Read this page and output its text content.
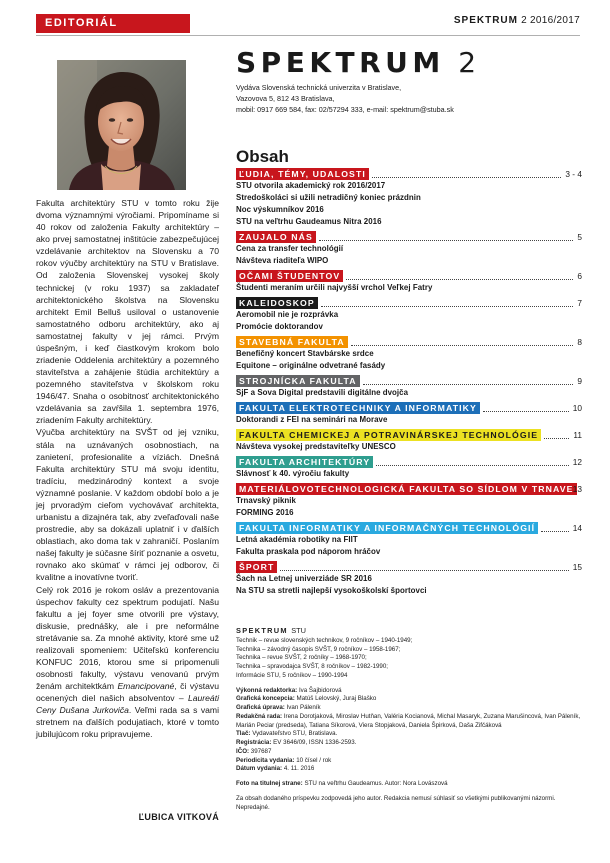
EDITORIÁL	SPEKTRUM 2 2016/2017

Fakulta architektúry STU v tomto roku žije dvoma významnými výročiami. Pripomíname si 40 rokov od založenia Fakulty architektúry – ako prvej samostatnej inštitúcie zabezpečujúcej vzdelávanie architektov na Slovensku a 70 rokov výučby architektúry na STU v Bratislave. Od založenia Slovenskej vysokej školy technickej (v roku 1937) sa zakladateľ architektonického školstva na Slovensku architekt Emil Belluš usiloval o ustanovenie samostatného odboru architektúry, ako aj samostatnej fakulty v jej rámci. Prvým úspešným, i keď čiastkovým krokom bolo zriadenie Oddelenia architektúry a pozemného staviteľstva a zahájenie štúdia architektúry a pozemného staviteľstva v školskom roku 1946/47. Snaha o osobitnosť architektonického vzdelávania sa zavŕšila 1. septembra 1976, zriadením Fakulty architektúry.

Výučba architektúry na SVŠT od jej vzniku, stála na uznávaných osobnostiach, na zanietení, profesionalite a víziách. Dnešná Fakulta architektúry STU má svoju identitu, tradíciu, medzinárodný kontext a svoje významné poslanie. V každom období bolo a je jej prvoradým cieľom vychovávať architekta, urbanistu a dizajnéra tak, aby zveľaďovali naše prostredie, aby sa dokázali uplatniť i v ďalších oblastiach, ako doma tak v zahraničí. Poslaním našej fakulty je súčasne šíriť poznanie a osvetu, rovnako ako skúmať v rámci jej odborov, či kvalitne a inovatívne tvoriť.

Celý rok 2016 je rokom osláv a prezentovania úspechov fakulty cez spektrum podujatí. Našu fakultu a jej foyer sme otvorili pre výstavy, diskusie, prednášky, ale i pre neformálne stretávanie sa. Za mnohé aktivity, ktoré sme už realizovali spomeniem: Učiteľskú konferenciu KONFUC 2016, ktorou sme si pripomenuli osobnosti fakulty, výstavu venovanú prvým ženám architektkám Emancipované, či výstavu ocenených diel našich absolventov – Laureáti Ceny Dušana Jurkoviča. Veľmi rada sa s vami stretnem na ďalších podujatiach, ktoré v tomto jubilujúcom roku pripravujeme.

ĽUBICA VITKOVÁ
SPEKTRUM 2
Vydáva Slovenská technická univerzita v Bratislave,
Vazovova 5, 812 43 Bratislava,
mobil: 0917 669 584, fax: 02/57294 333, e-mail: spektrum@stuba.sk
Obsah
ĽUDIA, TÉMY, UDALOSTI	3 - 4
STU otvorila akademický rok 2016/2017
Stredoškoláci si užili netradičný koniec prázdnin
Noc výskumníkov 2016
STU na veľtrhu Gaudeamus Nitra 2016
ZAUJALO NÁS	5
Cena za transfer technológií
Návšteva riaditeľa WIPO
OČAMI ŠTUDENTOV	6
Študenti meraním určili najvyšší vrchol Veľkej Fatry
KALEIDOSKOP	7
Aeromobil nie je rozprávka
Promócie doktorandov
STAVEBNÁ FAKULTA	8
Benefičný koncert Stavbárske srdce
Equitone – originálne odvetrané fasády
STROJNÍCKA FAKULTA	9
SjF a Sova Digital predstavili digitálne dvojča
FAKULTA ELEKTROTECHNIKY A INFORMATIKY	10
Doktorandi z FEI na seminári na Morave
FAKULTA CHEMICKEJ A POTRAVINÁRSKEJ TECHNOLÓGIE	11
Návšteva vysokej predstaviteľky UNESCO
FAKULTA ARCHITEKTÚRY	12
Slávnosť k 40. výročiu fakulty
MATERIÁLOVOTECHNOLOGICKÁ FAKULTA SO SÍDLOM V TRNAVE 13
Trnavský piknik
FORMING 2016
FAKULTA INFORMATIKY A INFORMAČNÝCH TECHNOLÓGIÍ	14
Letná akadémia robotiky na FIIT
Fakulta praskala pod náporom hráčov
ŠPORT	15
Šach na Letnej univerziáde SR 2016
Na STU sa stretli najlepší vysokoškolskí športovci
SPEKTRUM STU
Technik – revue slovenských technikov, 9 ročníkov – 1940-1949;
Technika – závodný časopis SVŠT, 9 ročníkov – 1958-1967;
Technika – revue SVŠT, 2 ročníky – 1968-1970;
Technika – spravodajca SVŠT, 8 ročníkov – 1982-1990;
Informácie STU, 5 ročníkov – 1990-1994
Výkonná redaktorka: Iva Šajbidorová
Grafická koncepcia: Matúš Lelovský, Juraj Blaško
Grafická úprava: Ivan Páleník
Redakčná rada: Irena Dorotjaková, Miroslav Hutňan, Valéria Kocianová, Michal Masaryk, Zuzana Marušincová, Ivan Páleník, Marián Peciar (predseda), Tatiana Síkorová, Viera Stopjaková, Daniela Špirková, Daša Zifčáková
Tlač: Vydavateľstvo STU, Bratislava.
Registrácia: EV 3646/09, ISSN 1336-2593.
IČO: 397687
Periodicita vydania: 10 čísel / rok
Dátum vydania: 4. 11. 2016
Foto na titulnej strane: STU na veľtrhu Gaudeamus. Autor: Nora Lovászová
Za obsah dodaného príspevku zodpovedá jeho autor. Redakcia nemusí súhlasiť so všetkými publikovanými názormi. Nepredajné.
